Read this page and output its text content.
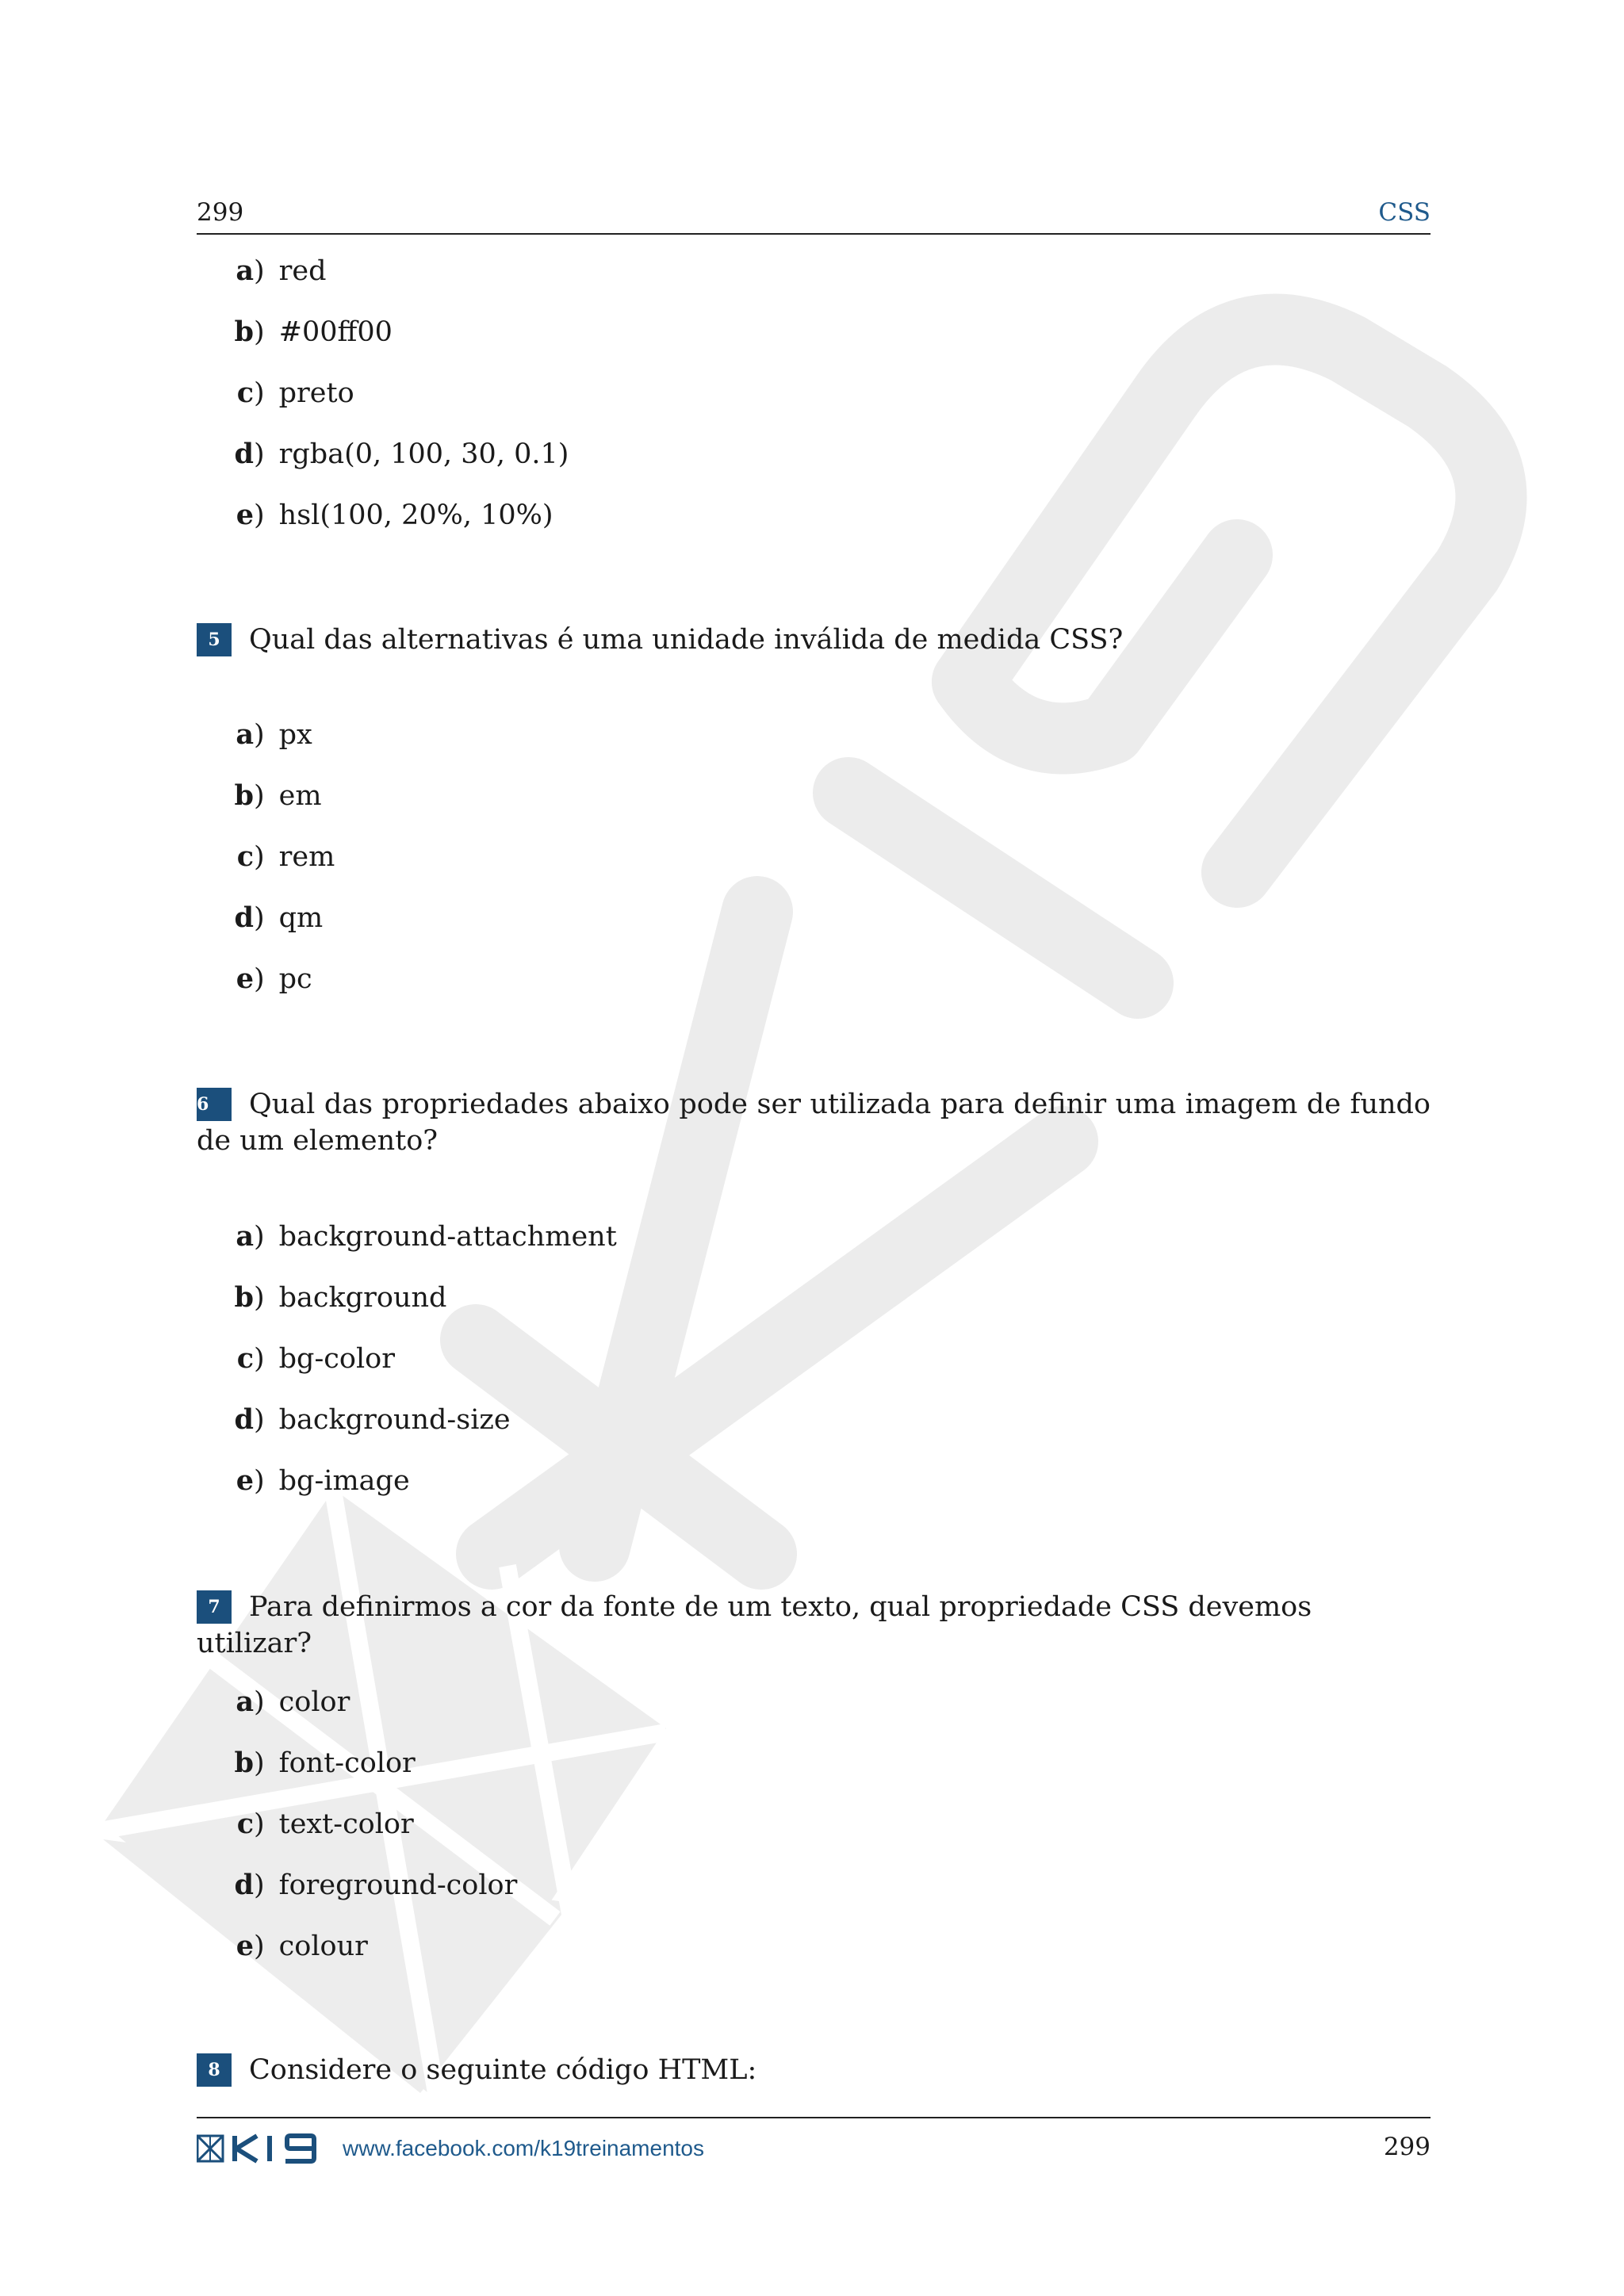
299	CSS
a) red
b) #00ff00
c) preto
d) rgba(0, 100, 30, 0.1)
e) hsl(100, 20%, 10%)
5 Qual das alternativas é uma unidade inválida de medida CSS?
a) px
b) em
c) rem
d) qm
e) pc
6 Qual das propriedades abaixo pode ser utilizada para definir uma imagem de fundo de um elemento?
a) background-attachment
b) background
c) bg-color
d) background-size
e) bg-image
7 Para definirmos a cor da fonte de um texto, qual propriedade CSS devemos utilizar?
a) color
b) font-color
c) text-color
d) foreground-color
e) colour
8 Considere o seguinte código HTML:
www.facebook.com/k19treinamentos	299
